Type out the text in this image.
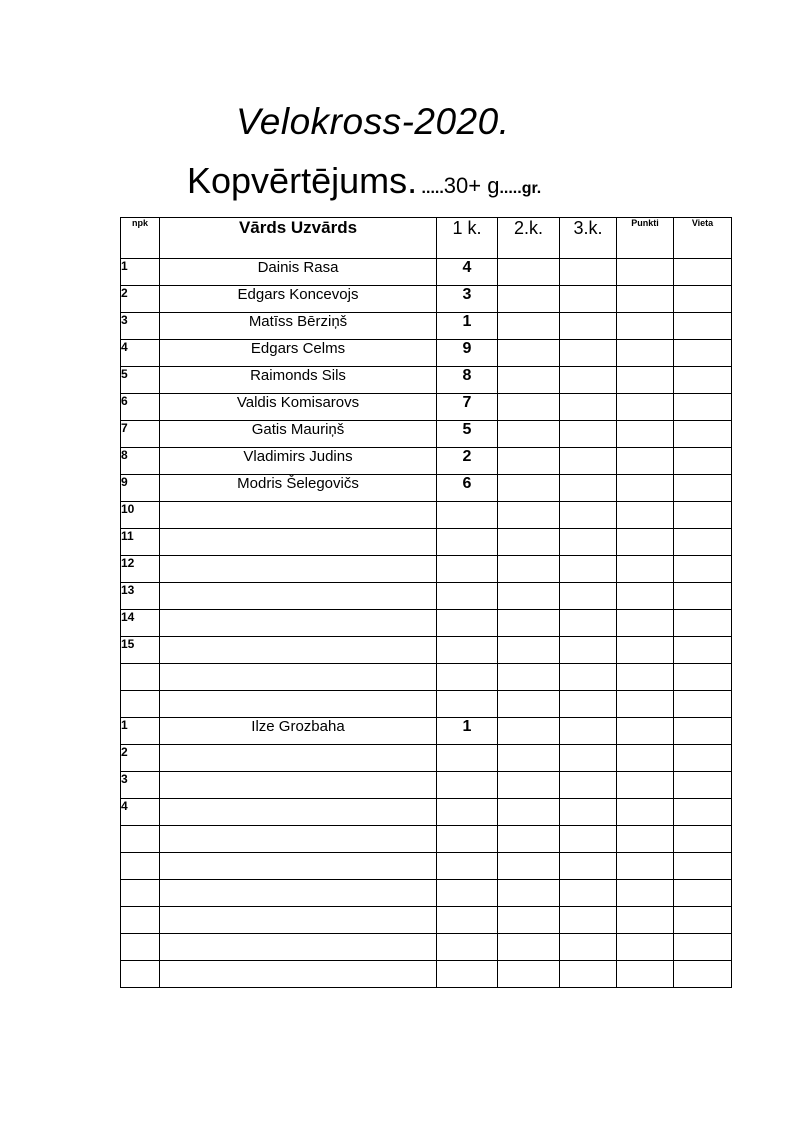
Velokross-2020.
Kopvērtējums. .....30+ g.....gr.
npk	Vārds Uzvārds	1 k.	2.k.	3.k.	Punkti	Vieta
1	Dainis Rasa	4				
2	Edgars Koncevojs	3				
3	Matīss Bērziņš	1				
4	Edgars Celms	9				
5	Raimonds Sils	8				
6	Valdis Komisarovs	7				
7	Gatis Mauriņš	5				
8	Vladimirs Judins	2				
9	Modris Šelegovičs	6				
10						
11						
12						
13						
14						
15						

1	Ilze Grozbaha	1				
2						
3						
4						
